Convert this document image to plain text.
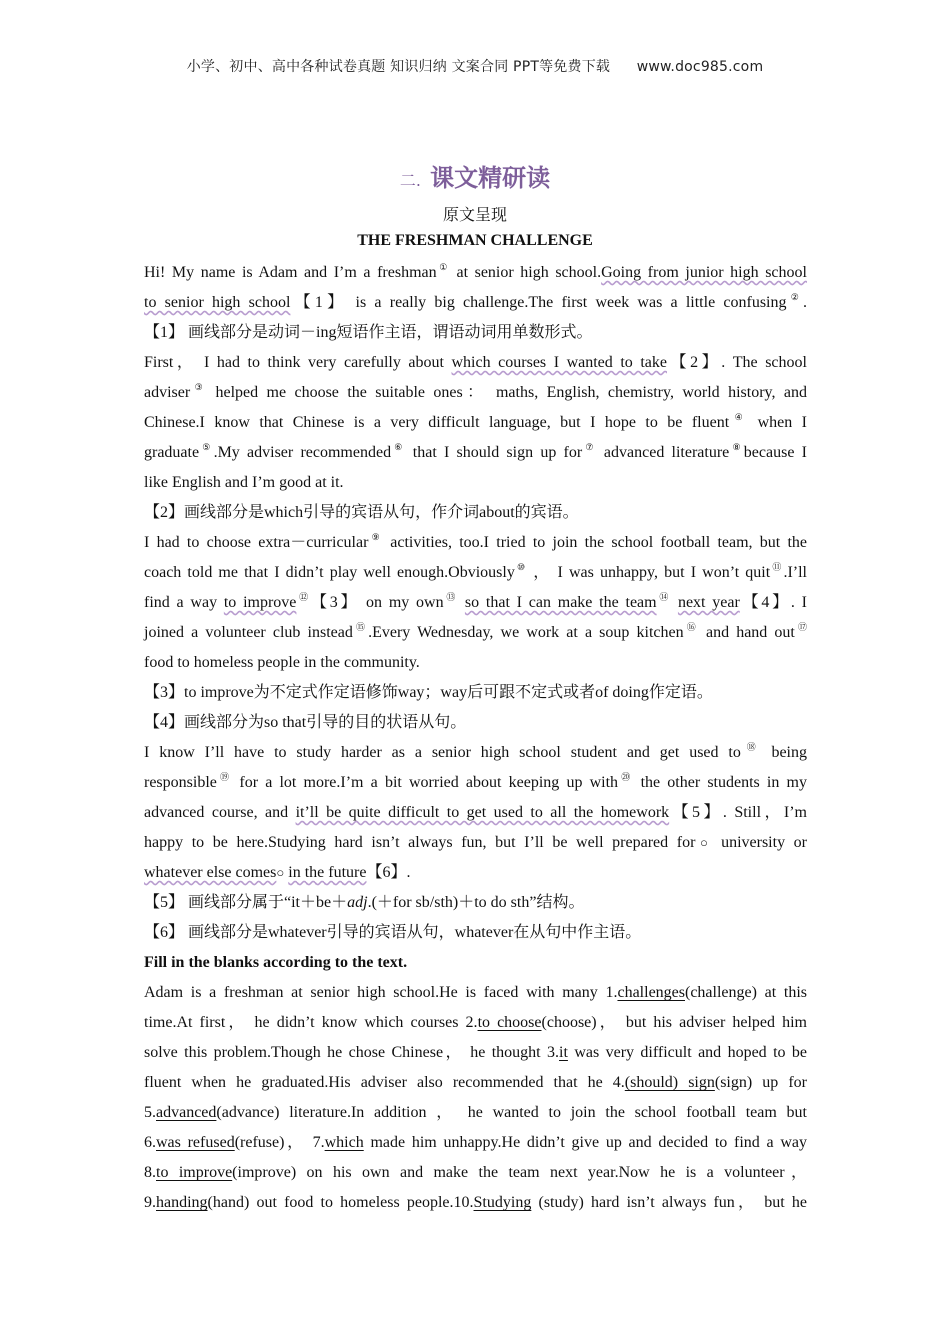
小学、初中、高中各种试卷真题 知识归纳 文案合同 PPT等免费下载 www.doc985.com
二. 课文精研读
原文呈现
THE FRESHMAN CHALLENGE
Hi! My name is Adam and I’m a freshman① at senior high school.Going from junior high school
to senior high school【1】 is a really big challenge.The first week was a little confusing②.
【1】 画线部分是动词－ing短语作主语，谓语动词用单数形式。
First， I had to think very carefully about which courses I wanted to take【2】. The school
adviser③ helped me choose the suitable ones： maths, English, chemistry, world history, and
Chinese.I know that Chinese is a very difficult language, but I hope to be fluent④ when I
graduate⑤.My adviser recommended⑥ that I should sign up for⑦ advanced literature⑧because I
like English and I’m good at it.
【2】画线部分是which引导的宾语从句，作介词about的宾语。
I had to choose extra－curricular⑨ activities, too.I tried to join the school football team, but the
coach told me that I didn’t play well enough.Obviously⑩ ， I was unhappy, but I won’t quit⑪.I’ll
find a way to improve⑫【3】 on my own⑬ so that I can make the team⑭ next year【4】. I
joined a volunteer club instead⑮.Every Wednesday, we work at a soup kitchen⑯ and hand out⑰
food to homeless people in the community.
【3】to improve为不定式作定语修饰way；way后可跟不定式或者of doing作定语。
【4】画线部分为so that引导的目的状语从句。
I know I’ll have to study harder as a senior high school student and get used to⑱ being
responsible⑲ for a lot more.I’m a bit worried about keeping up with⑳ the other students in my
advanced course, and it’ll be quite difficult to get used to all the homework【5】. Still，I’m
happy to be here.Studying hard isn’t always fun, but I’ll be well prepared for○ university or
whatever else comes○ in the future【6】.
【5】 画线部分属于“it＋be＋adj.(＋for sb/sth)＋to do sth”结构。
【6】 画线部分是whatever引导的宾语从句，whatever在从句中作主语。
Fill in the blanks according to the text.
Adam is a freshman at senior high school.He is faced with many 1.challenges(challenge) at this
time.At first， he didn’t know which courses 2.to choose(choose)， but his adviser helped him
solve this problem.Though he chose Chinese， he thought 3.it was very difficult and hoped to be
fluent when he graduated.His adviser also recommended that he 4.(should) sign(sign) up for
5.advanced(advance) literature.In addition ， he wanted to join the school football team but
6.was refused(refuse)， 7.which made him unhappy.He didn’t give up and decided to find a way
8.to improve(improve) on his own and make the team next year.Now he is a volunteer，
9.handing(hand) out food to homeless people.10.Studying (study) hard isn’t always fun， but he
